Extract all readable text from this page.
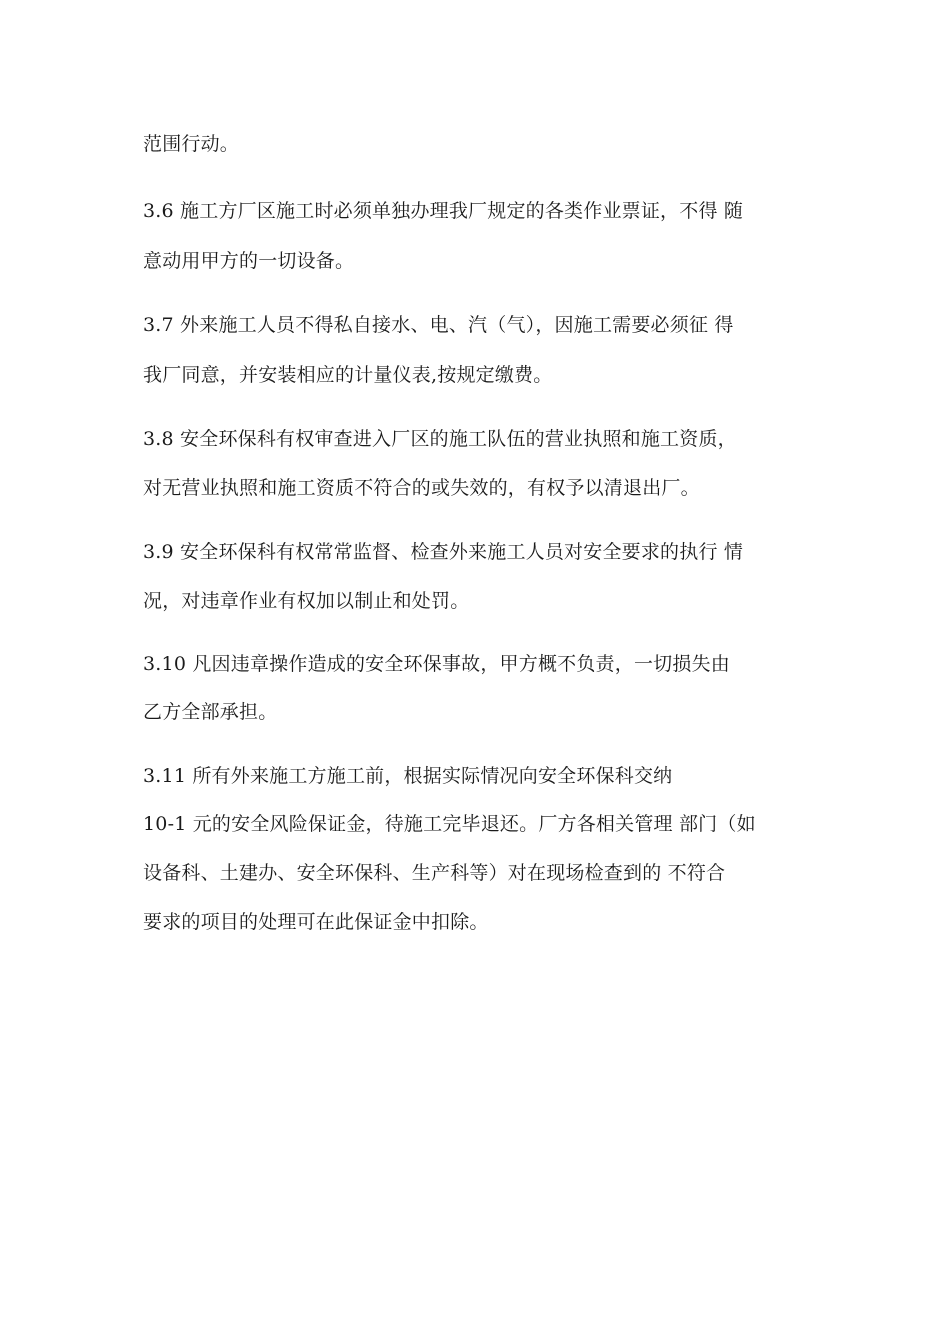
范围行动。
3.6 施工方厂区施工时必须单独办理我厂规定的各类作业票证，不得 随
意动用甲方的一切设备。
3.7 外来施工人员不得私自接水、电、汽（气），因施工需要必须征 得
我厂同意，并安装相应的计量仪表,按规定缴费。
3.8 安全环保科有权审查进入厂区的施工队伍的营业执照和施工资质，
对无营业执照和施工资质不符合的或失效的，有权予以清退出厂。
3.9 安全环保科有权常常监督、检查外来施工人员对安全要求的执行 情
况，对违章作业有权加以制止和处罚。
3.10 凡因违章操作造成的安全环保事故，甲方概不负责，一切损失由
乙方全部承担。
3.11 所有外来施工方施工前，根据实际情况向安全环保科交纳
10-1 元的安全风险保证金，待施工完毕退还。厂方各相关管理 部门（如
设备科、土建办、安全环保科、生产科等）对在现场检查到的 不符合
要求的项目的处理可在此保证金中扣除。
